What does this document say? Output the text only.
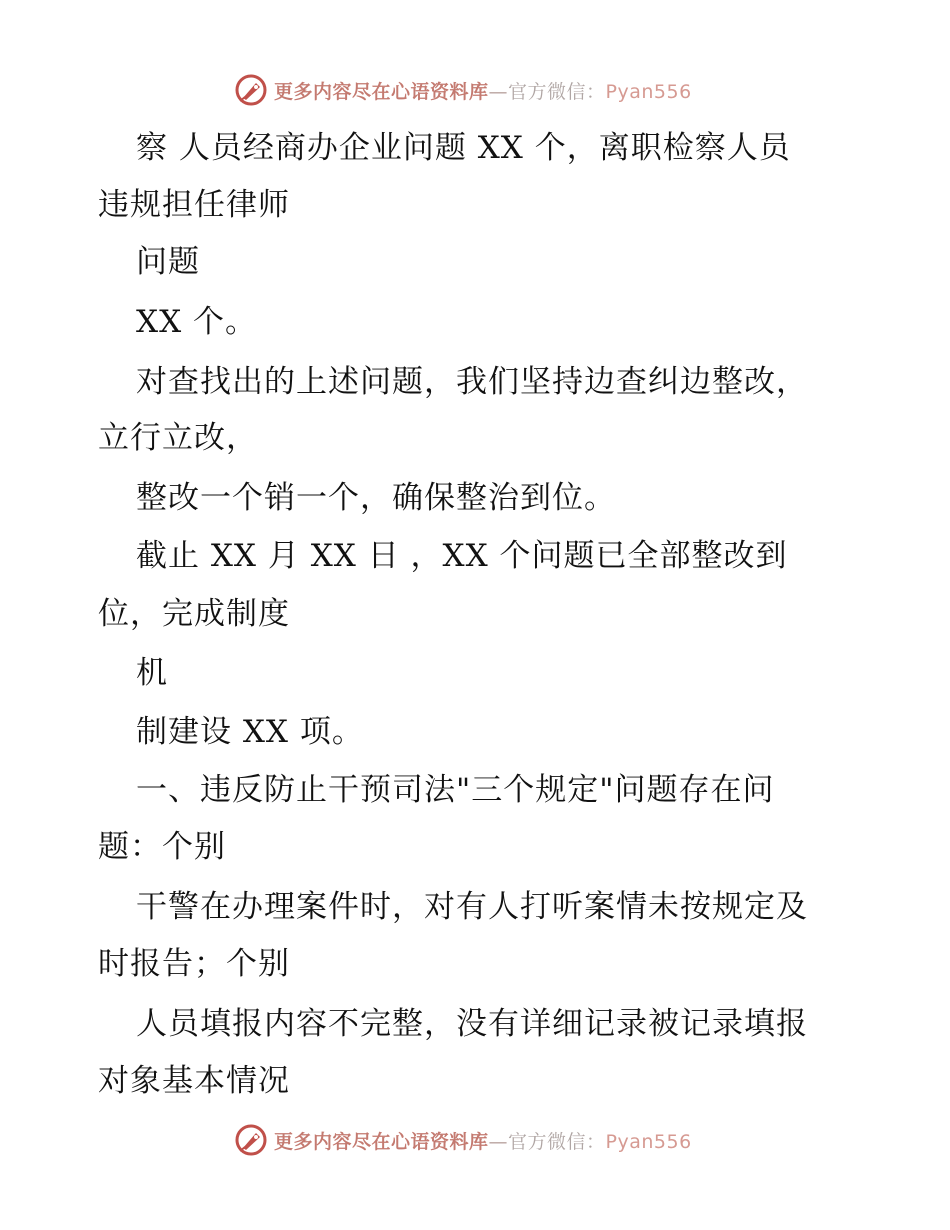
更多内容尽在心语资料库—官方微信：Pyan556
察 人员经商办企业问题 XX 个，离职检察人员
违规担任律师
问题
XX 个。
对查找出的上述问题，我们坚持边查纠边整改，
立行立改，
整改一个销一个，确保整治到位。
截止 XX 月 XX 日 ，XX 个问题已全部整改到
位，完成制度
机
制建设 XX 项。
一、违反防止干预司法"三个规定"问题存在问
题：个别
干警在办理案件时，对有人打听案情未按规定及
时报告；个别
人员填报内容不完整，没有详细记录被记录填报
对象基本情况
更多内容尽在心语资料库—官方微信：Pyan556
